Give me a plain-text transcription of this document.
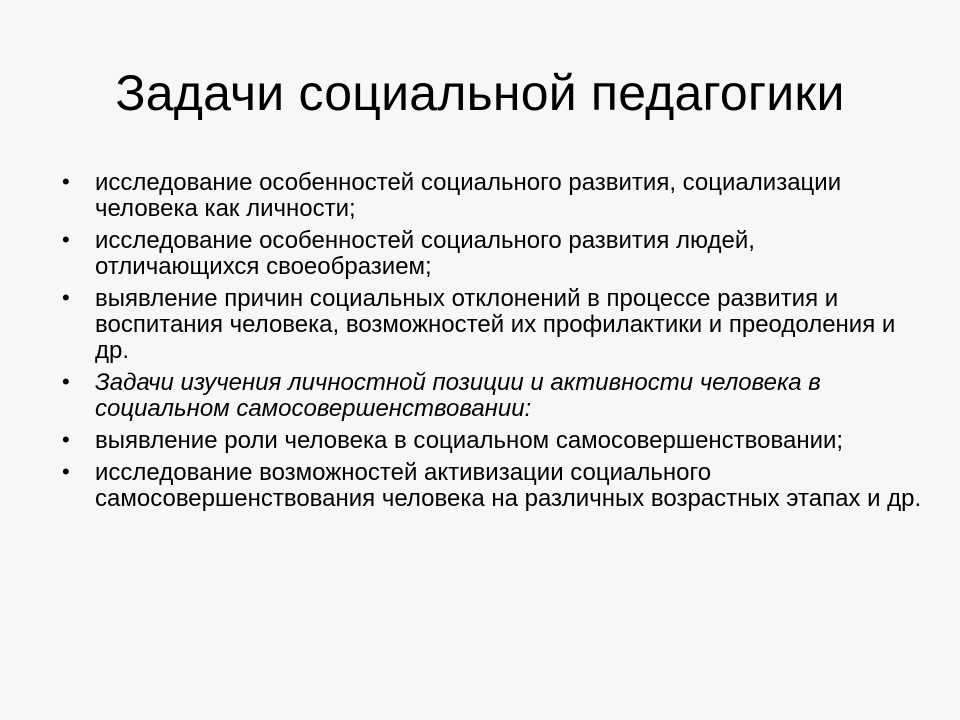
Задачи социальной педагогики
• исследование особенностей социального развития, социализации человека как личности;
• исследование особенностей социального развития людей, отличающихся своеобразием;
• выявление причин социальных отклонений в процессе развития и воспитания человека, возможностей их профилактики и преодоления и др.
• Задачи изучения личностной позиции и активности человека в социальном самосовершенствовании:
• выявление роли человека в социальном самосовершенствовании;
• исследование возможностей активизации социального самосовершенствования человека на различных возрастных этапах и др.
